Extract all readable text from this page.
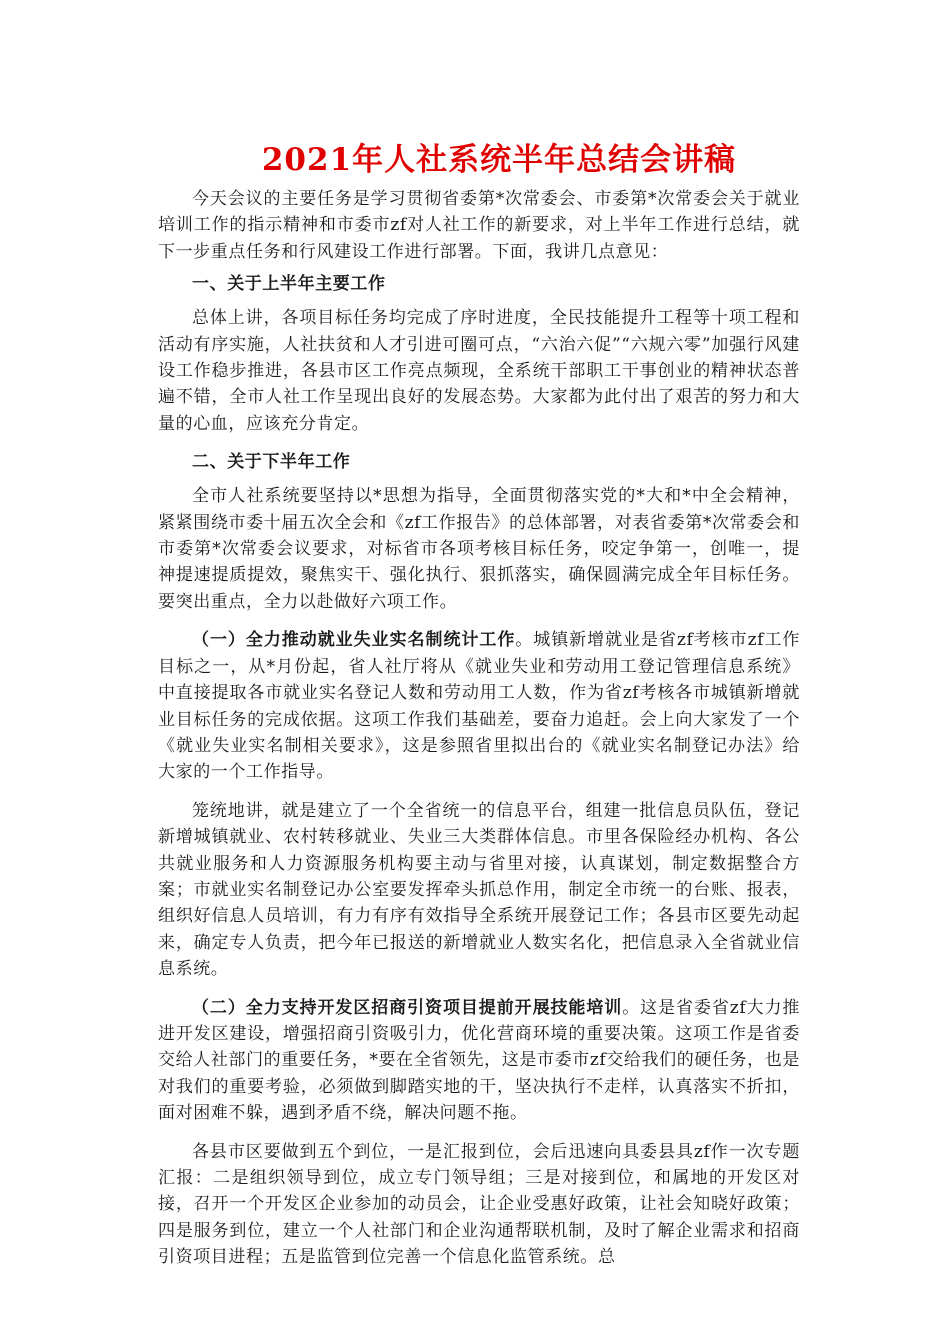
2021年人社系统半年总结会讲稿

今天会议的主要任务是学习贯彻省委第*次常委会、市委第*次常委会关于就业培训工作的指示精神和市委市zf对人社工作的新要求，对上半年工作进行总结，就下一步重点任务和行风建设工作进行部署。下面，我讲几点意见：

一、关于上半年主要工作

总体上讲，各项目标任务均完成了序时进度，全民技能提升工程等十项工程和活动有序实施，人社扶贫和人才引进可圈可点，“六治六促”“六规六零”加强行风建设工作稳步推进，各县市区工作亮点频现，全系统干部职工干事创业的精神状态普遍不错，全市人社工作呈现出良好的发展态势。大家都为此付出了艰苦的努力和大量的心血，应该充分肯定。

二、关于下半年工作

全市人社系统要坚持以*思想为指导，全面贯彻落实党的*大和*中全会精神，紧紧围绕市委十届五次全会和《zf工作报告》的总体部署，对表省委第*次常委会和市委第*次常委会议要求，对标省市各项考核目标任务，咬定争第一，创唯一，提神提速提质提效，聚焦实干、强化执行、狠抓落实，确保圆满完成全年目标任务。要突出重点，全力以赴做好六项工作。

（一）全力推动就业失业实名制统计工作。城镇新增就业是省zf考核市zf工作目标之一，从*月份起，省人社厅将从《就业失业和劳动用工登记管理信息系统》中直接提取各市就业实名登记人数和劳动用工人数，作为省zf考核各市城镇新增就业目标任务的完成依据。这项工作我们基础差，要奋力追赶。会上向大家发了一个《就业失业实名制相关要求》，这是参照省里拟出台的《就业实名制登记办法》给大家的一个工作指导。

笼统地讲，就是建立了一个全省统一的信息平台，组建一批信息员队伍，登记新增城镇就业、农村转移就业、失业三大类群体信息。市里各保险经办机构、各公共就业服务和人力资源服务机构要主动与省里对接，认真谋划，制定数据整合方案；市就业实名制登记办公室要发挥牵头抓总作用，制定全市统一的台账、报表，组织好信息人员培训，有力有序有效指导全系统开展登记工作；各县市区要先动起来，确定专人负责，把今年已报送的新增就业人数实名化，把信息录入全省就业信息系统。

（二）全力支持开发区招商引资项目提前开展技能培训。这是省委省zf大力推进开发区建设，增强招商引资吸引力，优化营商环境的重要决策。这项工作是省委交给人社部门的重要任务，*要在全省领先，这是市委市zf交给我们的硬任务，也是对我们的重要考验，必须做到脚踏实地的干，坚决执行不走样，认真落实不折扣，面对困难不躲，遇到矛盾不绕，解决问题不拖。

各县市区要做到五个到位，一是汇报到位，会后迅速向具委县具zf作一次专题汇报：二是组织领导到位，成立专门领导组；三是对接到位，和属地的开发区对接，召开一个开发区企业参加的动员会，让企业受惠好政策，让社会知晓好政策；四是服务到位，建立一个人社部门和企业沟通帮联机制，及时了解企业需求和招商引资项目进程；五是监管到位完善一个信息化监管系统。总
